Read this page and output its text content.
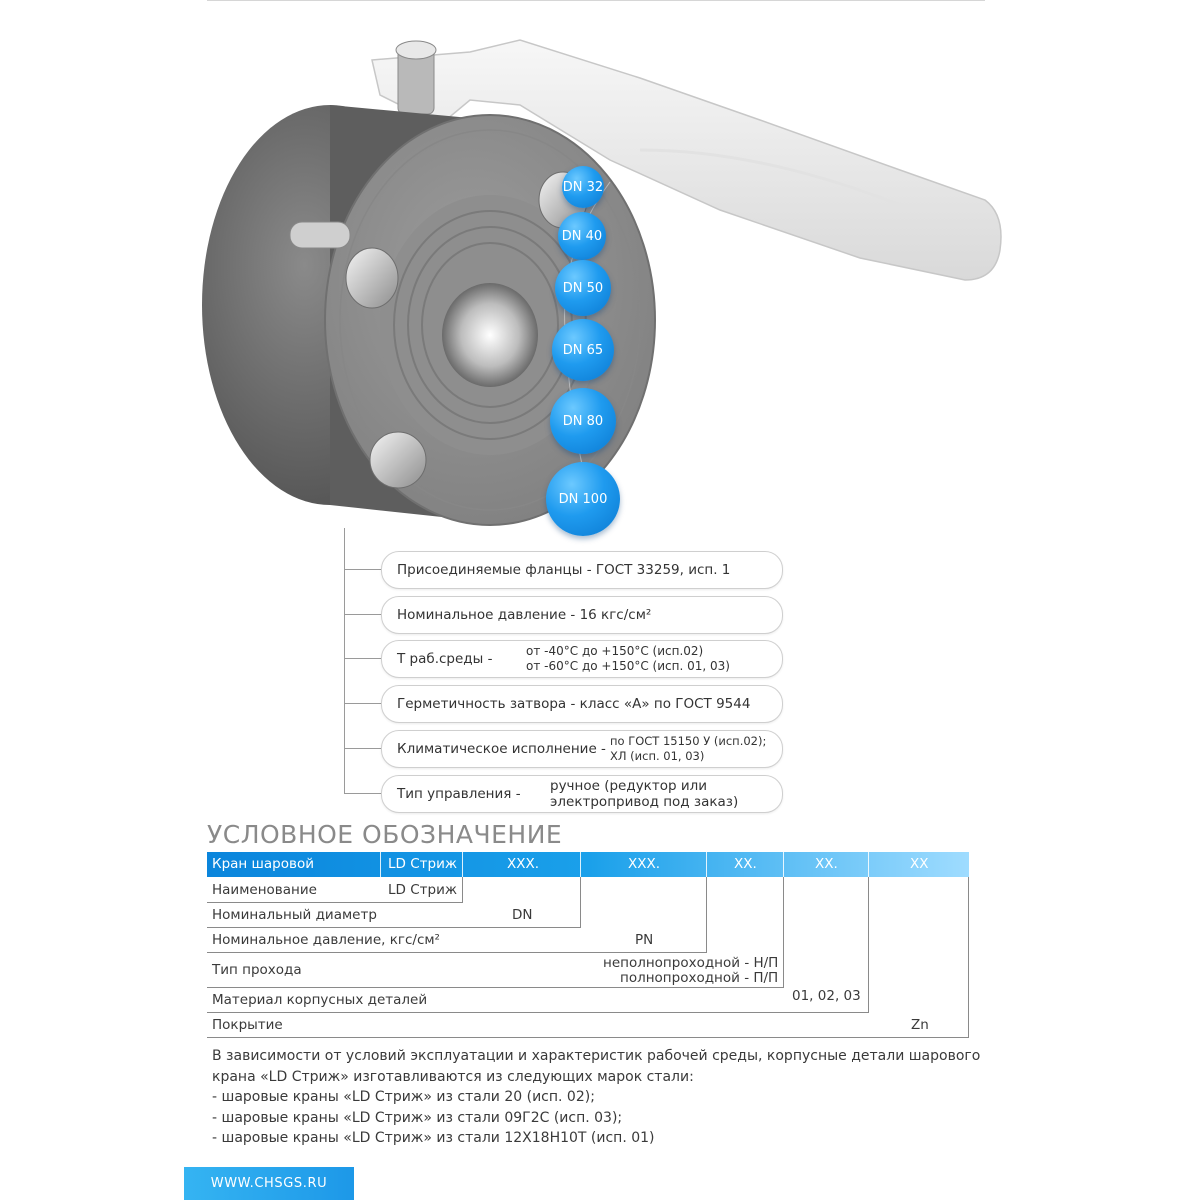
DN 32
DN 40
DN 50
DN 65
DN 80
DN 100
Присоединяемые фланцы - ГОСТ 33259, исп. 1
Номинальное давление - 16 кгс/см²
Т раб.среды -	от -40°С до +150°С (исп.02)
от -60°С до +150°С (исп. 01, 03)
Герметичность затвора - класс «А» по ГОСТ 9544
Климатическое исполнение - по ГОСТ 15150 У (исп.02);
ХЛ (исп. 01, 03)
Тип управления - ручное (редуктор или
электропривод под заказ)
УСЛОВНОЕ ОБОЗНАЧЕНИЕ
Кран шаровой	LD Стриж	XXX.	XXX.	XX.	XX.	XX
Наименование	LD Стриж
Номинальный диаметр	DN
Номинальное давление, кгс/см²	PN
Тип прохода	неполнопроходной - Н/П
полнопроходной - П/П
Материал корпусных деталей	01, 02, 03
Покрытие	Zn

В зависимости от условий эксплуатации и характеристик рабочей среды, корпусные детали шарового

крана «LD Стриж» изготавливаются из следующих марок стали:

- шаровые краны «LD Стриж» из стали 20 (исп. 02);

- шаровые краны «LD Стриж» из стали 09Г2С (исп. 03);

- шаровые краны «LD Стриж» из стали 12Х18Н10Т (исп. 01)

WWW.CHSGS.RU
